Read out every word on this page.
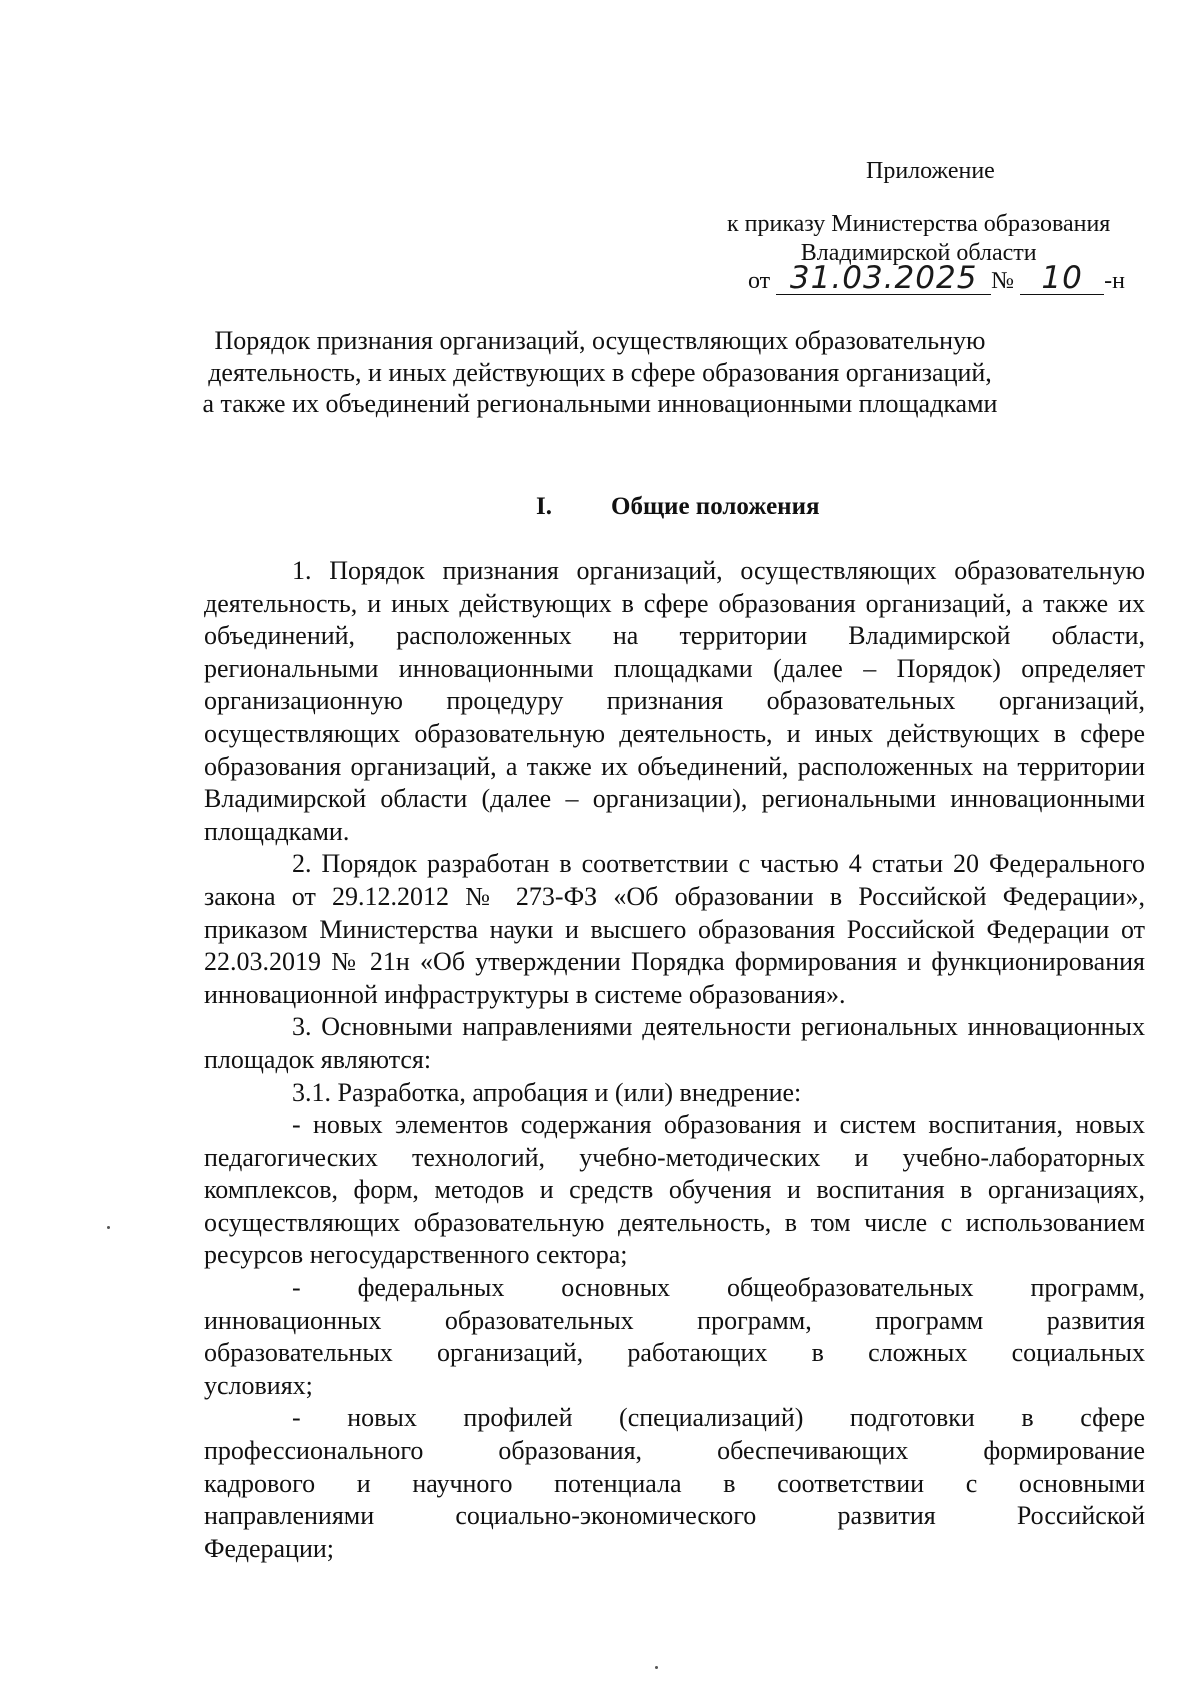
Приложение
к приказу Министерства образования
Владимирской области
от 31.03.2025 № 10 -н
Порядок признания организаций, осуществляющих образовательную деятельность, и иных действующих в сфере образования организаций, а также их объединений региональными инновационными площадками
I. Общие положения

1. Порядок признания организаций, осуществляющих образовательную деятельность, и иных действующих в сфере образования организаций, а также их объединений, расположенных на территории Владимирской области, региональными инновационными площадками (далее – Порядок) определяет организационную процедуру признания образовательных организаций, осуществляющих образовательную деятельность, и иных действующих в сфере образования организаций, а также их объединений, расположенных на территории Владимирской области (далее – организации), региональными инновационными площадками.

2. Порядок разработан в соответствии с частью 4 статьи 20 Федерального закона от 29.12.2012 № 273-ФЗ «Об образовании в Российской Федерации», приказом Министерства науки и высшего образования Российской Федерации от 22.03.2019 № 21н «Об утверждении Порядка формирования и функционирования инновационной инфраструктуры в системе образования».

3. Основными направлениями деятельности региональных инновационных площадок являются:

3.1. Разработка, апробация и (или) внедрение:

- новых элементов содержания образования и систем воспитания, новых педагогических технологий, учебно-методических и учебно-лабораторных комплексов, форм, методов и средств обучения и воспитания в организациях, осуществляющих образовательную деятельность, в том числе с использованием ресурсов негосударственного сектора;

- федеральных основных общеобразовательных программ, инновационных образовательных программ, программ развития образовательных организаций, работающих в сложных социальных условиях;

- новых профилей (специализаций) подготовки в сфере профессионального образования, обеспечивающих формирование кадрового и научного потенциала в соответствии с основными направлениями социально-экономического развития Российской Федерации;
